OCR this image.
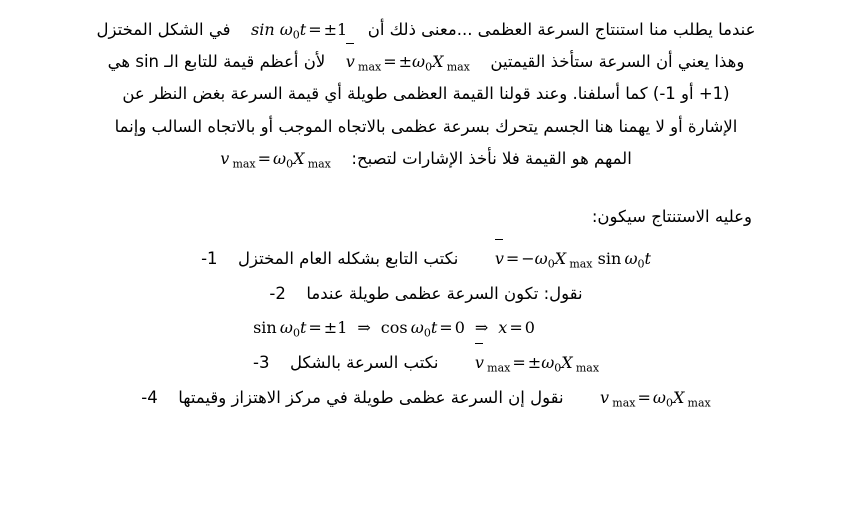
عندما يطلب منا استنتاج السرعة العظمى ...معنى ذلك أن  $\sin \omega_0t = \pm 1$  في الشكل المختزل
وهذا يعني أن السرعة ستأخذ القيمتين  v  $_{max} = \pm\omega_0X$ $_{max}$  لأن أعظم قيمة للتابع الـ sin هي
(1+ أو 1-) كما أسلفنا. وعند قولنا القيمة العظمى طويلة أي قيمة السرعة بغض النظر عن
الإشارة أو لا يهمنا هنا الجسم يتحرك بسرعة عظمى بالاتجاه الموجب أو بالاتجاه السالب وإنما
المهم هو القيمة فلا نأخذ الإشارات لتصبح:  v $_{max} = \omega_0X$ $_{max}$
وعليه الاستنتاج سيكون:
$v = -\omega_0X$ $_{max}$ $\sin \omega_0t$  نكتب التابع بشكله العام المختزل  1-
نقول: تكون السرعة عظمى طويلة عندما  2-
$\sin \omega_0t = \pm 1$ ⇒ $\cos \omega_0t = 0$ ⇒ x = 0
v  $_{max} = \pm\omega_0X$ $_{max}$  نكتب السرعة بالشكل  3-
v $_{max} = \omega_0X$ $_{max}$  نقول إن السرعة عظمى طويلة في مركز الاهتزاز وقيمتها  4-
